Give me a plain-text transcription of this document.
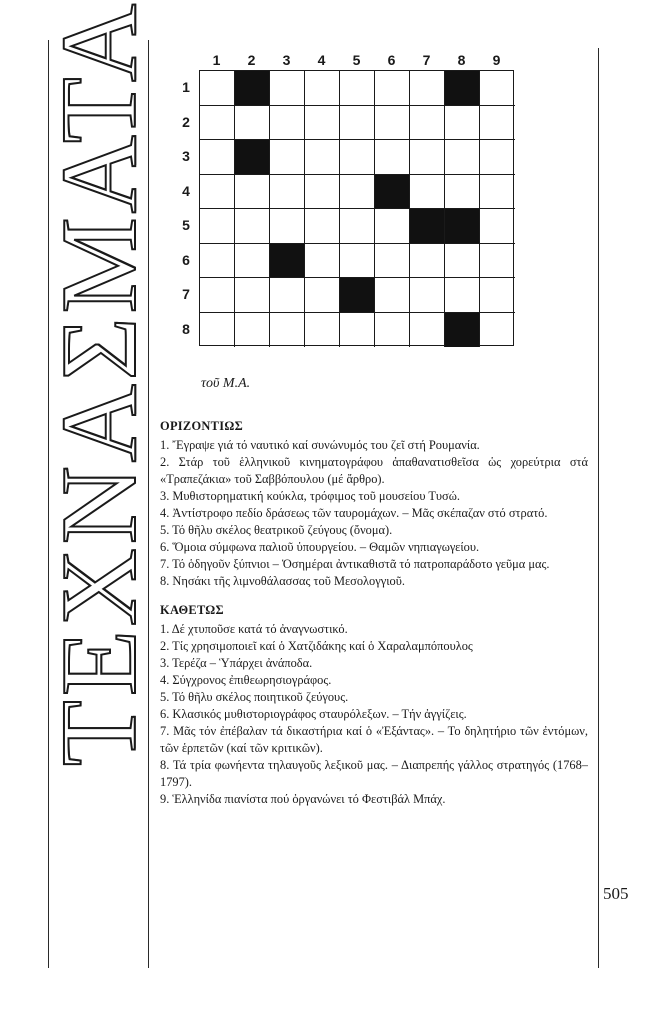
ΤΕΧΝΑΣΜΑΤΑ	1	2	3	4	5	6	7	8	9
1
2
3
4
5
6
7
8
τοῦ Μ.Α.
ΟΡΙΖΟΝΤΙΩΣ
1. Ἔγραψε γιά τό ναυτικό καί συνώνυμός του ζεῖ στή Ρουμανία.
2. Στάρ τοῦ ἑλληνικοῦ κινηματογράφου ἀπαθανατισθεῖσα ὡς χορεύτρια στά «Τραπεζάκια» τοῦ Σαββόπουλου (μέ ἄρθρο).
3. Μυθιστορηματική κούκλα, τρόφιμος τοῦ μουσείου Τυσώ.
4. Ἀντίστροφο πεδίο δράσεως τῶν ταυρομάχων. – Μᾶς σκέπαζαν στό στρατό.
5. Τό θῆλυ σκέλος θεατρικοῦ ζεύγους (ὄνομα).
6. Ὅμοια σύμφωνα παλιοῦ ὑπουργείου. – Θαμῶν νηπιαγωγείου.
7. Τό ὁδηγοῦν ξύπνιοι – Ὁσημέραι ἀντικαθιστᾶ τό πατροπαράδοτο γεῦμα μας.
8. Νησάκι τῆς λιμνοθάλασσας τοῦ Μεσολογγιοῦ.
ΚΑΘΕΤΩΣ
1. Δέ χτυποῦσε κατά τό ἀναγνωστικό.
2. Τίς χρησιμοποιεῖ καί ὁ Χατζιδάκης καί ὁ Χαραλαμπόπουλος
3. Τερέζα – Ὑπάρχει ἀνάποδα.
4. Σύγχρονος ἐπιθεωρησιογράφος.
5. Τό θῆλυ σκέλος ποιητικοῦ ζεύγους.
6. Κλασικός μυθιστοριογράφος σταυρόλεξων. – Τήν ἀγγίζεις.
7. Μᾶς τόν ἐπέβαλαν τά δικαστήρια καί ὁ «Ἐξάντας». – Το δηλητήριο τῶν ἐντόμων, τῶν ἑρπετῶν (καί τῶν κριτικῶν).
8. Τά τρία φωνήεντα τηλαυγοῦς λεξικοῦ μας. – Διαπρεπής γάλλος στρατηγός (1768–1797).
9. Ἑλληνίδα πιανίστα πού ὀργανώνει τό Φεστιβάλ Μπάχ.
505
